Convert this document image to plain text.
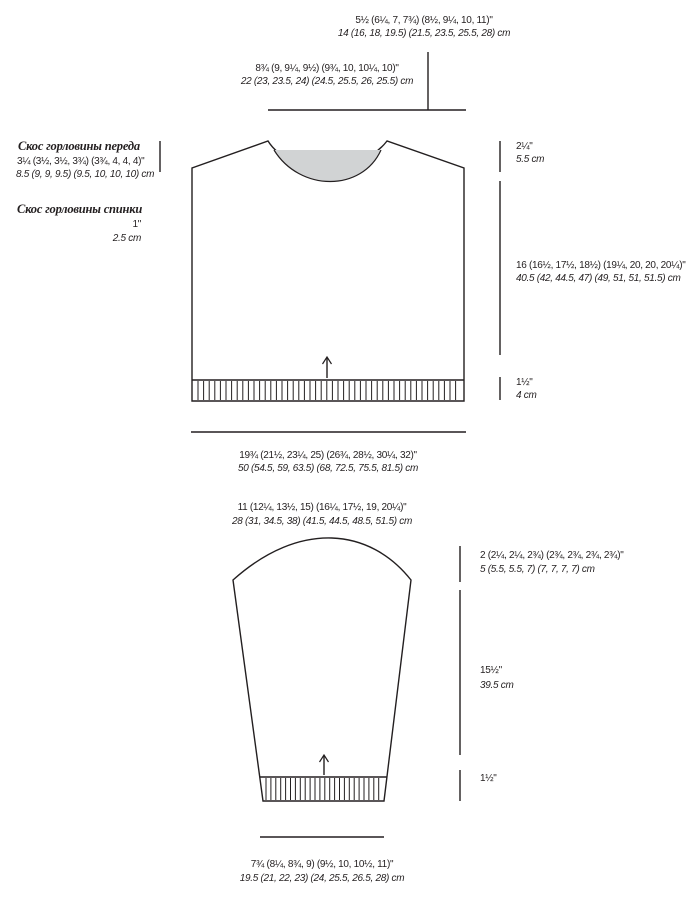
5½ (6¼, 7, 7¾) (8½, 9¼, 10, 11)"
14 (16, 18, 19.5) (21.5, 23.5, 25.5, 28) cm
8¾ (9, 9¼, 9½) (9¾, 10, 10¼, 10)"
22 (23, 23.5, 24) (24.5, 25.5, 26, 25.5) cm
Скос горловины переда
3¼ (3½, 3½, 3¾) (3¾, 4, 4, 4)"
8.5 (9, 9, 9.5) (9.5, 10, 10, 10) cm
Скос горловины спинки
1"
2.5 cm
2¼"
5.5 cm
16 (16½, 17½, 18½) (19¼, 20, 20, 20¼)"
40.5 (42, 44.5, 47) (49, 51, 51, 51.5) cm
1½"
4 cm
19¾ (21½, 23¼, 25) (26¾, 28½, 30¼, 32)"
50 (54.5, 59, 63.5) (68, 72.5, 75.5, 81.5) cm
11 (12¼, 13½, 15) (16¼, 17½, 19, 20¼)"
28 (31, 34.5, 38) (41.5, 44.5, 48.5, 51.5) cm
2 (2¼, 2¼, 2¾) (2¾, 2¾, 2¾, 2¾)"
5 (5.5, 5.5, 7) (7, 7, 7, 7) cm
15½"
39.5 cm
1½"
7¾ (8¼, 8¾, 9) (9½, 10, 10½, 11)"
19.5 (21, 22, 23) (24, 25.5, 26.5, 28) cm
